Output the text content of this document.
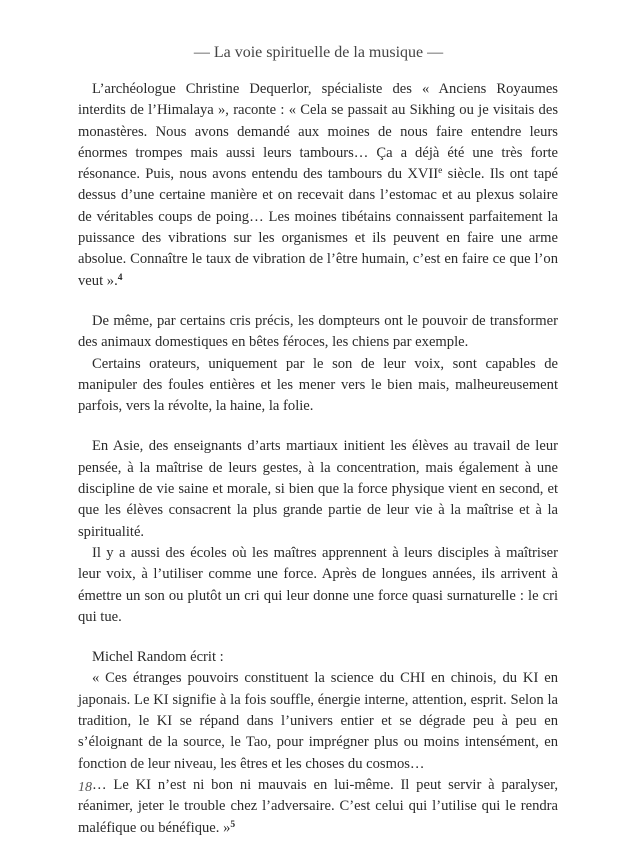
— La voie spirituelle de la musique —

L’archéologue Christine Dequerlor, spécialiste des « Anciens Royaumes interdits de l’Himalaya », raconte : « Cela se passait au Sikhing ou je visitais des monastères. Nous avons demandé aux moines de nous faire entendre leurs énormes trompes mais aussi leurs tambours… Ça a déjà été une très forte résonance. Puis, nous avons entendu des tambours du XVIIe siècle. Ils ont tapé dessus d’une certaine manière et on recevait dans l’estomac et au plexus solaire de véritables coups de poing… Les moines tibétains connaissent parfaitement la puissance des vibrations sur les organismes et ils peuvent en faire une arme absolue. Connaître le taux de vibration de l’être humain, c’est en faire ce que l’on veut ».$^4$

De même, par certains cris précis, les dompteurs ont le pouvoir de transformer des animaux domestiques en bêtes féroces, les chiens par exemple.

Certains orateurs, uniquement par le son de leur voix, sont capables de manipuler des foules entières et les mener vers le bien mais, malheureusement parfois, vers la révolte, la haine, la folie.

En Asie, des enseignants d’arts martiaux initient les élèves au travail de leur pensée, à la maîtrise de leurs gestes, à la concentration, mais également à une discipline de vie saine et morale, si bien que la force physique vient en second, et que les élèves consacrent la plus grande partie de leur vie à la maîtrise et à la spiritualité.

Il y a aussi des écoles où les maîtres apprennent à leurs disciples à maîtriser leur voix, à l’utiliser comme une force. Après de longues années, ils arrivent à émettre un son ou plutôt un cri qui leur donne une force quasi surnaturelle : le cri qui tue.

Michel Random écrit :

« Ces étranges pouvoirs constituent la science du CHI en chinois, du KI en japonais. Le KI signifie à la fois souffle, énergie interne, attention, esprit. Selon la tradition, le KI se répand dans l’univers entier et se dégrade peu à peu en s’éloignant de la source, le Tao, pour imprégner plus ou moins intensément, en fonction de leur niveau, les êtres et les choses du cosmos…

… Le KI n’est ni bon ni mauvais en lui-même. Il peut servir à paralyser, réanimer, jeter le trouble chez l’adversaire. C’est celui qui l’utilise qui le rendra maléfique ou bénéfique. »$^5$

18
